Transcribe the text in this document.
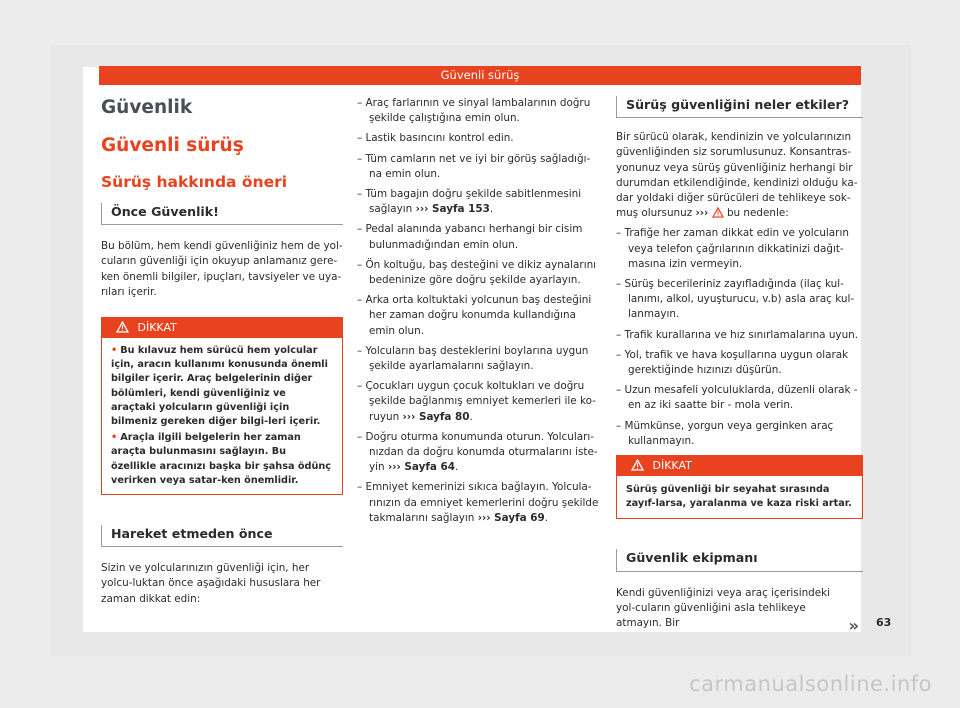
Güvenli sürüş
Güvenlik
Güvenli sürüş
Sürüş hakkında öneri
Önce Güvenlik!

Bu bölüm, hem kendi güvenliğiniz hem de yol-cuların güvenliği için okuyup anlamanız gere-ken önemli bilgiler, ipuçları, tavsiyeler ve uya-rıları içerir.

DİKKAT

• Bu kılavuz hem sürücü hem yolcular için, aracın kullanımı konusunda önemli bilgiler içerir. Araç belgelerinin diğer bölümleri, kendi güvenliğiniz ve araçtaki yolcuların güvenliği için bilmeniz gereken diğer bilgi-leri içerir.

• Araçla ilgili belgelerin her zaman araçta bulunmasını sağlayın. Bu özellikle aracınızı başka bir şahsa ödünç verirken veya satar-ken önemlidir.

Hareket etmeden önce

Sizin ve yolcularınızın güvenliği için, her yolcu-luktan önce aşağıdaki hususlara her zaman dikkat edin:

– Araç farlarının ve sinyal lambalarının doğru şekilde çalıştığına emin olun.
– Lastik basıncını kontrol edin.
– Tüm camların net ve iyi bir görüş sağladığı-na emin olun.
– Tüm bagajın doğru şekilde sabitlenmesini sağlayın ››› Sayfa 153.
– Pedal alanında yabancı herhangi bir cisim bulunmadığından emin olun.
– Ön koltuğu, baş desteğini ve dikiz aynalarını bedeninize göre doğru şekilde ayarlayın.
– Arka orta koltuktaki yolcunun baş desteğini her zaman doğru konumda kullandığına emin olun.
– Yolcuların baş desteklerini boylarına uygun şekilde ayarlamalarını sağlayın.
– Çocukları uygun çocuk koltukları ve doğru şekilde bağlanmış emniyet kemerleri ile ko-ruyun ››› Sayfa 80.
– Doğru oturma konumunda oturun. Yolcuları-nızdan da doğru konumda oturmalarını iste-yin ››› Sayfa 64.
– Emniyet kemerinizi sıkıca bağlayın. Yolcula-rınızın da emniyet kemerlerini doğru şekilde takmalarını sağlayın ››› Sayfa 69.
Sürüş güvenliğini neler etkiler?

Bir sürücü olarak, kendinizin ve yolcularınızın güvenliğinden siz sorumlusunuz. Konsantras-yonunuz veya sürüş güvenliğiniz herhangi bir durumdan etkilendiğinde, kendinizi olduğu ka-dar yoldaki diğer sürücüleri de tehlikeye sok-muş olursunuz ››› bu nedenle:

– Trafiğe her zaman dikkat edin ve yolcuların veya telefon çağrılarının dikkatinizi dağıt-masına izin vermeyin.
– Sürüş becerileriniz zayıfladığında (ilaç kul-lanımı, alkol, uyuşturucu, v.b) asla araç kul-lanmayın.
– Trafik kurallarına ve hız sınırlamalarına uyun.
– Yol, trafik ve hava koşullarına uygun olarak gerektiğinde hızınızı düşürün.
– Uzun mesafeli yolculuklarda, düzenli olarak - en az iki saatte bir - mola verin.
– Mümkünse, yorgun veya gerginken araç kullanmayın.
DİKKAT
Sürüş güvenliği bir seyahat sırasında zayıf-larsa, yaralanma ve kaza riski artar.
Güvenlik ekipmanı

Kendi güvenliğinizi veya araç içerisindeki yol-cuların güvenliğini asla tehlikeye atmayın. Bir	» 63
carmanualsonline.info
